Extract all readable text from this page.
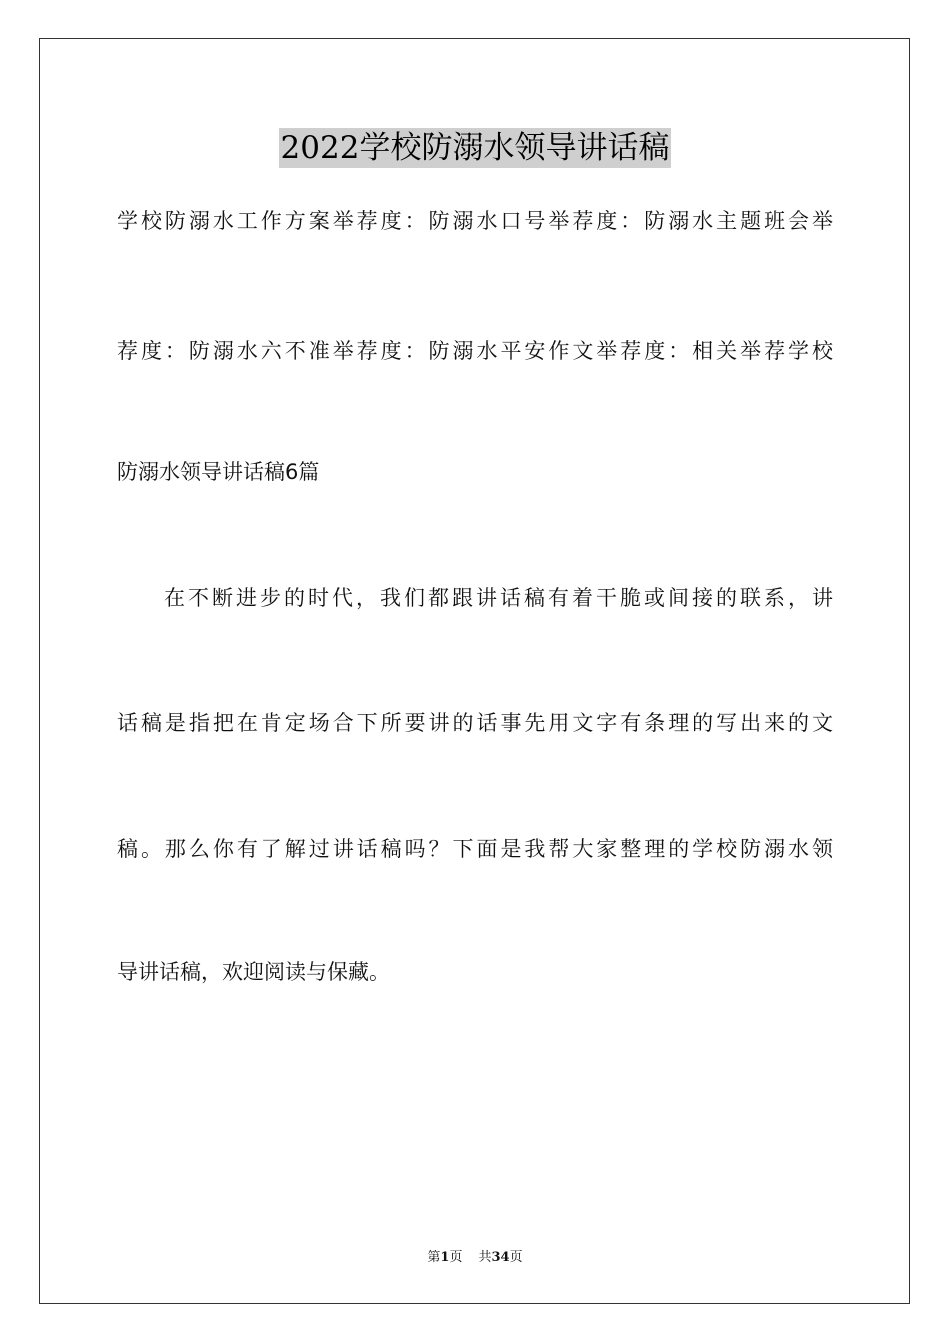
2022学校防溺水领导讲话稿
学校防溺水工作方案举荐度：防溺水口号举荐度：防溺水主题班会举
荐度：防溺水六不准举荐度：防溺水平安作文举荐度：相关举荐学校
防溺水领导讲话稿6篇
在不断进步的时代，我们都跟讲话稿有着干脆或间接的联系，讲
话稿是指把在肯定场合下所要讲的话事先用文字有条理的写出来的文
稿。那么你有了解过讲话稿吗？下面是我帮大家整理的学校防溺水领
导讲话稿，欢迎阅读与保藏。
第1页 共34页
